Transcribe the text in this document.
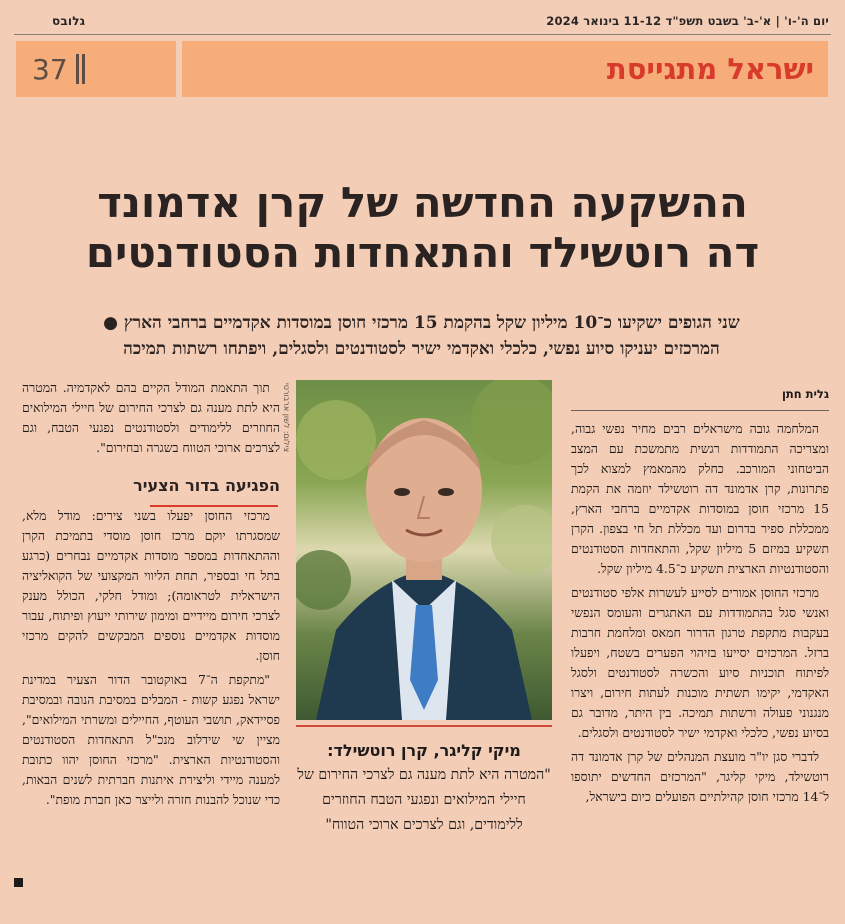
יום ה'-ו' | א'-ב' בשבט תשפ"ד 11-12 בינואר 2024
גלובס
37	ישראל מתגייסת
ההשקעה החדשה של קרן אדמונד
דה רוטשילד והתאחדות הסטודנטים
שני הגופים ישקיעו כ־10 מיליון שקל בהקמת 15 מרכזי חוסן במוסדות אקדמיים ברחבי הארץ ●
המרכזים יעניקו סיוע נפשי, כלכלי ואקדמי ישיר לסטודנטים ולסגלים, ויפתחו רשתות תמיכה
גלית חתן

המלחמה גובה מישראלים רבים מחיר נפשי גבוה, ומצריכה התמודדות רגשית מתמשכת עם המצב הביטחוני המורכב. כחלק מהמאמץ למצוא לכך פתרונות, קרן אדמונד דה רוטשילד יוזמה את הקמת 15 מרכזי חוסן במוסדות אקדמיים ברחבי הארץ, ממכללת ספיר בדרום ועד מכללת תל חי בצפון. הקרן תשקיע במיזם 5 מיליון שקל, והתאחדות הסטודנטים והסטודנטיות הארצית תשקיע כ־4.5 מיליון שקל.

מרכזי החוסן אמורים לסייע לעשרות אלפי סטודנטים ואנשי סגל בהתמודדות עם האתגרים והעומס הנפשי בעקבות מתקפת טרגון הדרור חמאס ומלחמת חרבות ברזל. המרכזים יסייעו בזיהוי הפערים בשטח, ויפעלו לפיתוח תוכניות סיוע והכשרה לסטודנטים ולסגל האקדמי, יקימו תשתית מוכנות לעתות חירום, ויצרו מנגנוני פעולה ורשתות תמיכה. בין היתר, מדובר גם בסיוע נפשי, כלכלי ואקדמי ישיר לסטודנטים ולסגלים.

לדברי סגן יו"ר מועצת המנהלים של קרן אדמונד דה רוטשילד, מיקי קליגר, "המרכזים החדשים יתוספו ל־14 מרכזי חוסן קהילתיים הפועלים כיום בישראל,

צילום: לשון ארבורטי
מיקי קליגר, קרן רוטשילד:
"המטרה היא לתת מענה גם לצרכי החירום של חיילי המילואים ונפגעי הטבח החוזרים ללימודים, וגם לצרכים ארוכי הטווח"

תוך התאמת המודל הקיים בהם לאקדמיה. המטרה היא לתת מענה גם לצרכי החירום של חיילי המילואים החוזרים ללימודים ולסטודנטים נפגעי הטבח, וגם לצרכים ארוכי הטווח בשגרה ובחירום".

הפגיעה בדור הצעיר

מרכזי החוסן יפעלו בשני צירים: מודל מלא, שמסגרתו יוקם מרכז חוסן מוסדי בתמיכת הקרן וההתאחדות במספר מוסדות אקדמיים נבחרים (כרגע בתל חי ובספיר, תחת הליווי המקצועי של הקואליציה הישראלית לטראומה); ומודל חלקי, הכולל מענק לצרכי חירום מיידיים ומימון שירותי ייעוץ ופיתוח, עבור מוסדות אקדמיים נוספים המבקשים להקים מרכזי חוסן.

"מתקפת ה־7 באוקטובר הדור הצעיר במדינת ישראל נפגע קשות - המבלים במסיבת הנובה ובמסיבת פסיידאק, תושבי העוטף, החיילים ומשרתי המילואים", מציין שי שידלוב מנכ"ל התאחדות הסטודנטים והסטודנטיות הארצית. "מרכזי החוסן יהוו כתובת למענה מיידי וליצירת איתנות חברתית לשנים הבאות, כדי שנוכל להבנות חזרה ולייצר כאן חברת מופת".
